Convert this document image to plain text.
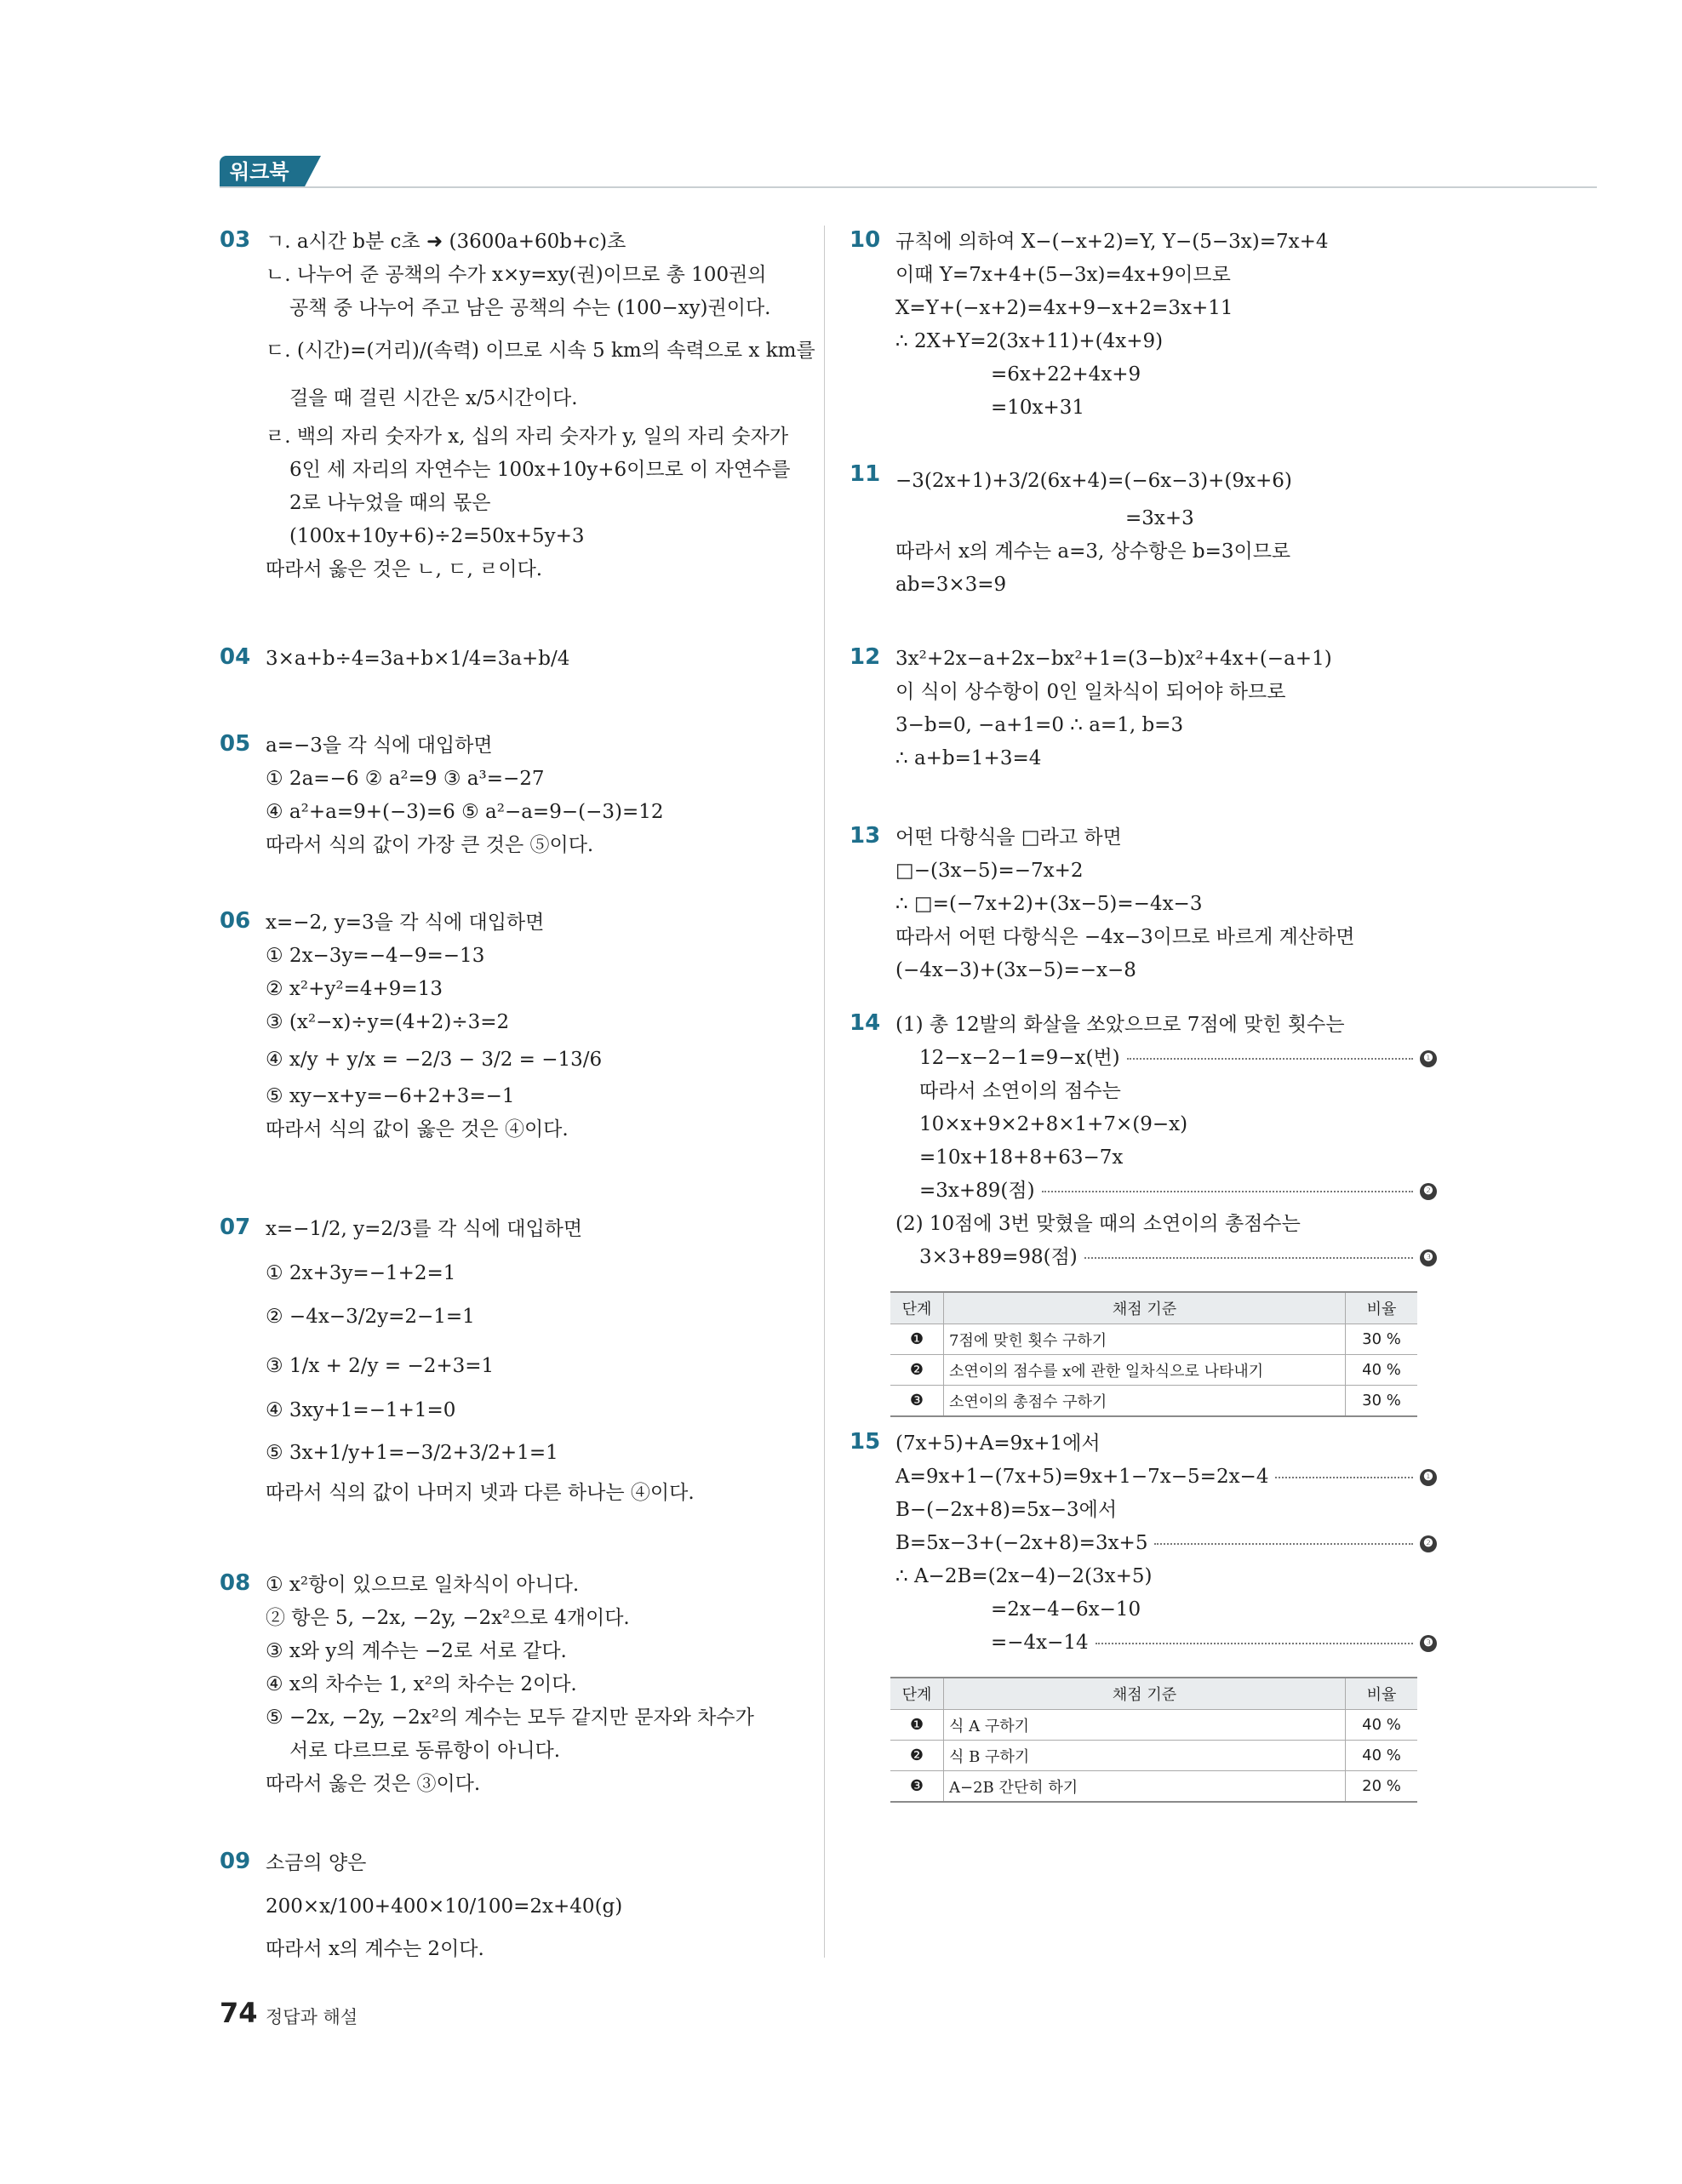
워크북
03 ㄱ. a시간 b분 c초 ➜ (3600a+60b+c)초
ㄴ. 나누어 준 공책의 수가 x×y=xy(권)이므로 총 100권의
공책 중 나누어 주고 남은 공책의 수는 (100−xy)권이다.
ㄷ. (시간)=(거리)/(속력) 이므로 시속 5 km의 속력으로 x km를
걸을 때 걸린 시간은 x/5시간이다.
ㄹ. 백의 자리 숫자가 x, 십의 자리 숫자가 y, 일의 자리 숫자가
6인 세 자리의 자연수는 100x+10y+6이므로 이 자연수를
2로 나누었을 때의 몫은
(100x+10y+6)÷2=50x+5y+3
따라서 옳은 것은 ㄴ, ㄷ, ㄹ이다.
04 3×a+b÷4=3a+b×1/4=3a+b/4
05 a=−3을 각 식에 대입하면
① 2a=−6 ② a²=9 ③ a³=−27
④ a²+a=9+(−3)=6 ⑤ a²−a=9−(−3)=12
따라서 식의 값이 가장 큰 것은 ⑤이다.
06 x=−2, y=3을 각 식에 대입하면
① 2x−3y=−4−9=−13
② x²+y²=4+9=13
③ (x²−x)÷y=(4+2)÷3=2
④ x/y + y/x = −2/3 − 3/2 = −13/6
⑤ xy−x+y=−6+2+3=−1
따라서 식의 값이 옳은 것은 ④이다.
07 x=−1/2, y=2/3를 각 식에 대입하면
① 2x+3y=−1+2=1
② −4x−3/2y=2−1=1
③ 1/x + 2/y = −2+3=1
④ 3xy+1=−1+1=0
⑤ 3x+1/y+1=−3/2+3/2+1=1
따라서 식의 값이 나머지 넷과 다른 하나는 ④이다.
08 ① x²항이 있으므로 일차식이 아니다.
② 항은 5, −2x, −2y, −2x²으로 4개이다.
③ x와 y의 계수는 −2로 서로 같다.
④ x의 차수는 1, x²의 차수는 2이다.
⑤ −2x, −2y, −2x²의 계수는 모두 같지만 문자와 차수가
서로 다르므로 동류항이 아니다.
따라서 옳은 것은 ③이다.
09 소금의 양은
200×x/100+400×10/100=2x+40(g)
따라서 x의 계수는 2이다.
10 규칙에 의하여 X−(−x+2)=Y, Y−(5−3x)=7x+4
이때 Y=7x+4+(5−3x)=4x+9이므로
X=Y+(−x+2)=4x+9−x+2=3x+11
∴ 2X+Y=2(3x+11)+(4x+9)
=6x+22+4x+9
=10x+31
11 −3(2x+1)+3/2(6x+4)=(−6x−3)+(9x+6)
=3x+3
따라서 x의 계수는 a=3, 상수항은 b=3이므로
ab=3×3=9
12 3x²+2x−a+2x−bx²+1=(3−b)x²+4x+(−a+1)
이 식이 상수항이 0인 일차식이 되어야 하므로
3−b=0, −a+1=0 ∴ a=1, b=3
∴ a+b=1+3=4
13 어떤 다항식을 □라고 하면
□−(3x−5)=−7x+2
∴ □=(−7x+2)+(3x−5)=−4x−3
따라서 어떤 다항식은 −4x−3이므로 바르게 계산하면
(−4x−3)+(3x−5)=−x−8
14 (1) 총 12발의 화살을 쏘았으므로 7점에 맞힌 횟수는
12−x−2−1=9−x(번)	❶
따라서 소연이의 점수는
10×x+9×2+8×1+7×(9−x)
=10x+18+8+63−7x
=3x+89(점)	❷
(2) 10점에 3번 맞혔을 때의 소연이의 총점수는
3×3+89=98(점)	❸
단계	채점 기준	비율
❶	7점에 맞힌 횟수 구하기	30 %
❷	소연이의 점수를 x에 관한 일차식으로 나타내기	40 %
❸	소연이의 총점수 구하기	30 %
15 (7x+5)+A=9x+1에서
A=9x+1−(7x+5)=9x+1−7x−5=2x−4	❶
B−(−2x+8)=5x−3에서
B=5x−3+(−2x+8)=3x+5	❷
∴ A−2B=(2x−4)−2(3x+5)
=2x−4−6x−10
=−4x−14	❸
단계	채점 기준	비율
❶	식 A 구하기	40 %
❷	식 B 구하기	40 %
❸	A−2B 간단히 하기	20 %
74 정답과 해설
